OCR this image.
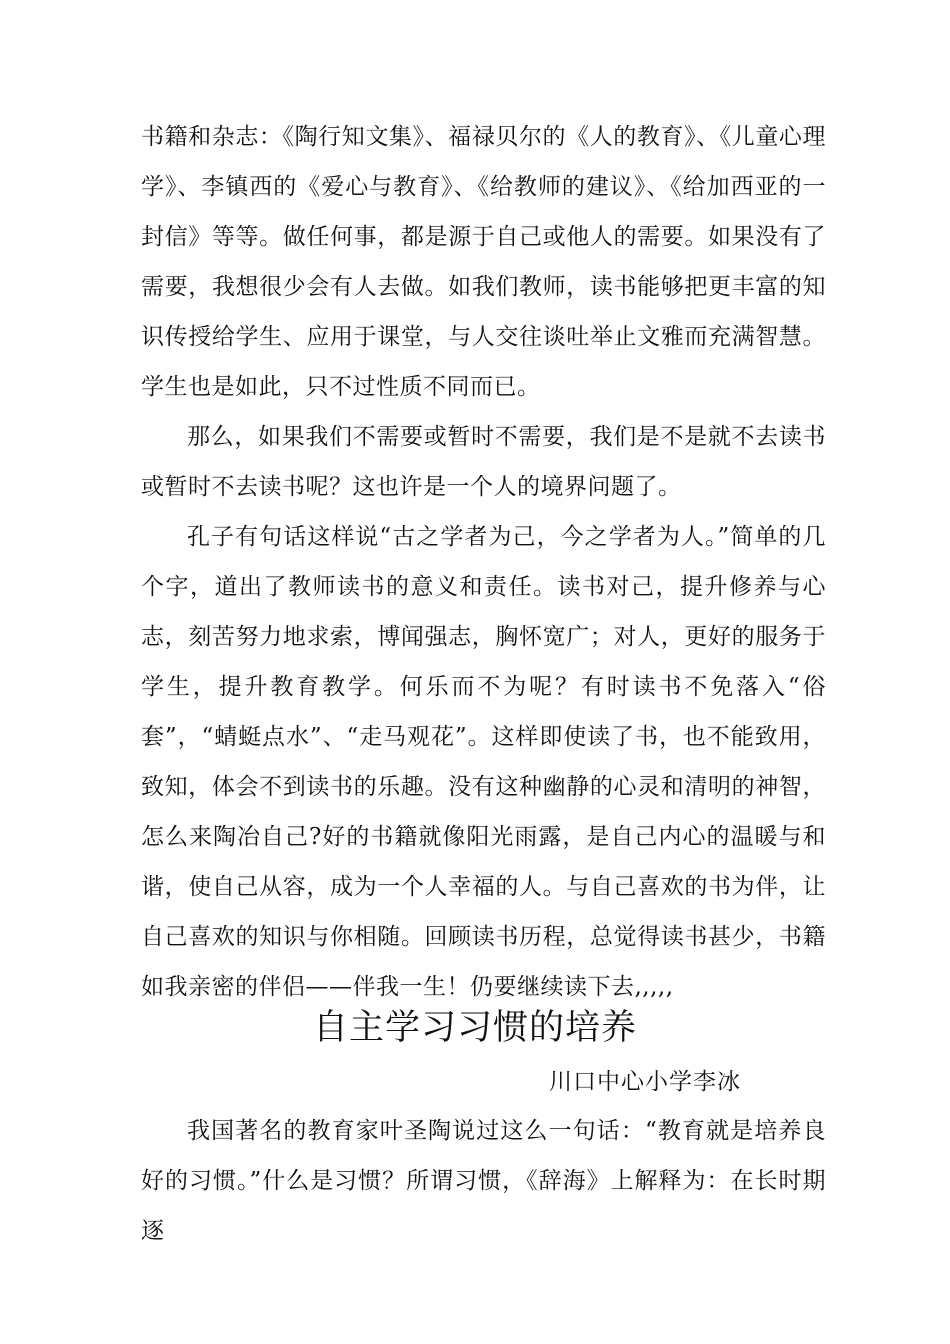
书籍和杂志：《陶行知文集》、福禄贝尔的《人的教育》、《儿童心理学》、李镇西的《爱心与教育》、《给教师的建议》、《给加西亚的一封信》等等。做任何事，都是源于自己或他人的需要。如果没有了需要，我想很少会有人去做。如我们教师，读书能够把更丰富的知识传授给学生、应用于课堂，与人交往谈吐举止文雅而充满智慧。学生也是如此，只不过性质不同而已。

那么，如果我们不需要或暂时不需要，我们是不是就不去读书或暂时不去读书呢？这也许是一个人的境界问题了。

孔子有句话这样说“古之学者为己，今之学者为人。”简单的几个字，道出了教师读书的意义和责任。读书对己，提升修养与心志，刻苦努力地求索，博闻强志，胸怀宽广；对人，更好的服务于学生，提升教育教学。何乐而不为呢？有时读书不免落入“俗套”，“蜻蜓点水”、“走马观花”。这样即使读了书，也不能致用，致知，体会不到读书的乐趣。没有这种幽静的心灵和清明的神智，怎么来陶冶自己?好的书籍就像阳光雨露，是自己内心的温暖与和谐，使自己从容，成为一个人幸福的人。与自己喜欢的书为伴，让自己喜欢的知识与你相随。回顾读书历程，总觉得读书甚少，书籍如我亲密的伴侣——伴我一生！仍要继续读下去,,,,,

自主学习习惯的培养

川口中心小学李冰

我国著名的教育家叶圣陶说过这么一句话：“教育就是培养良好的习惯。”什么是习惯？所谓习惯，《辞海》上解释为：在长时期逐
